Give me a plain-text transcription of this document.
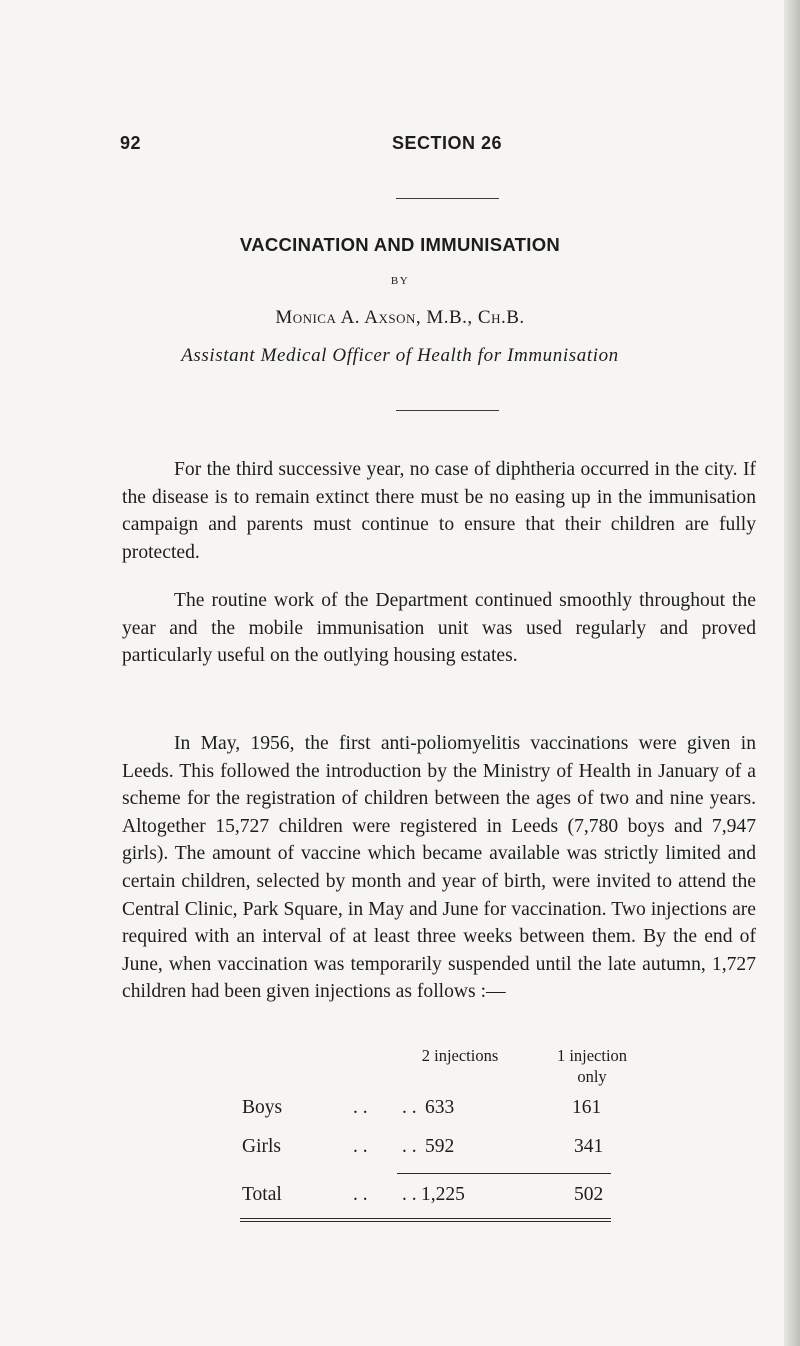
92	SECTION 26
VACCINATION AND IMMUNISATION
BY
Monica A. Axson, M.B., Ch.B.
Assistant Medical Officer of Health for Immunisation

For the third successive year, no case of diphtheria occurred in the city. If the disease is to remain extinct there must be no easing up in the immunisation campaign and parents must continue to ensure that their children are fully protected.

The routine work of the Department continued smoothly throughout the year and the mobile immunisation unit was used regularly and proved particularly useful on the outlying housing estates.

In May, 1956, the first anti-poliomyelitis vaccinations were given in Leeds. This followed the introduction by the Ministry of Health in January of a scheme for the registration of children between the ages of two and nine years. Altogether 15,727 children were registered in Leeds (7,780 boys and 7,947 girls). The amount of vaccine which became available was strictly limited and certain children, selected by month and year of birth, were invited to attend the Central Clinic, Park Square, in May and June for vaccination. Two injections are required with an interval of at least three weeks between them. By the end of June, when vaccination was temporarily suspended until the late autumn, 1,727 children had been given injections as follows :—

2 injections	1 injection
only
Boys	. . . . 633	161
Girls	. . . . 592	341
Total	. . . . 1,225	502
